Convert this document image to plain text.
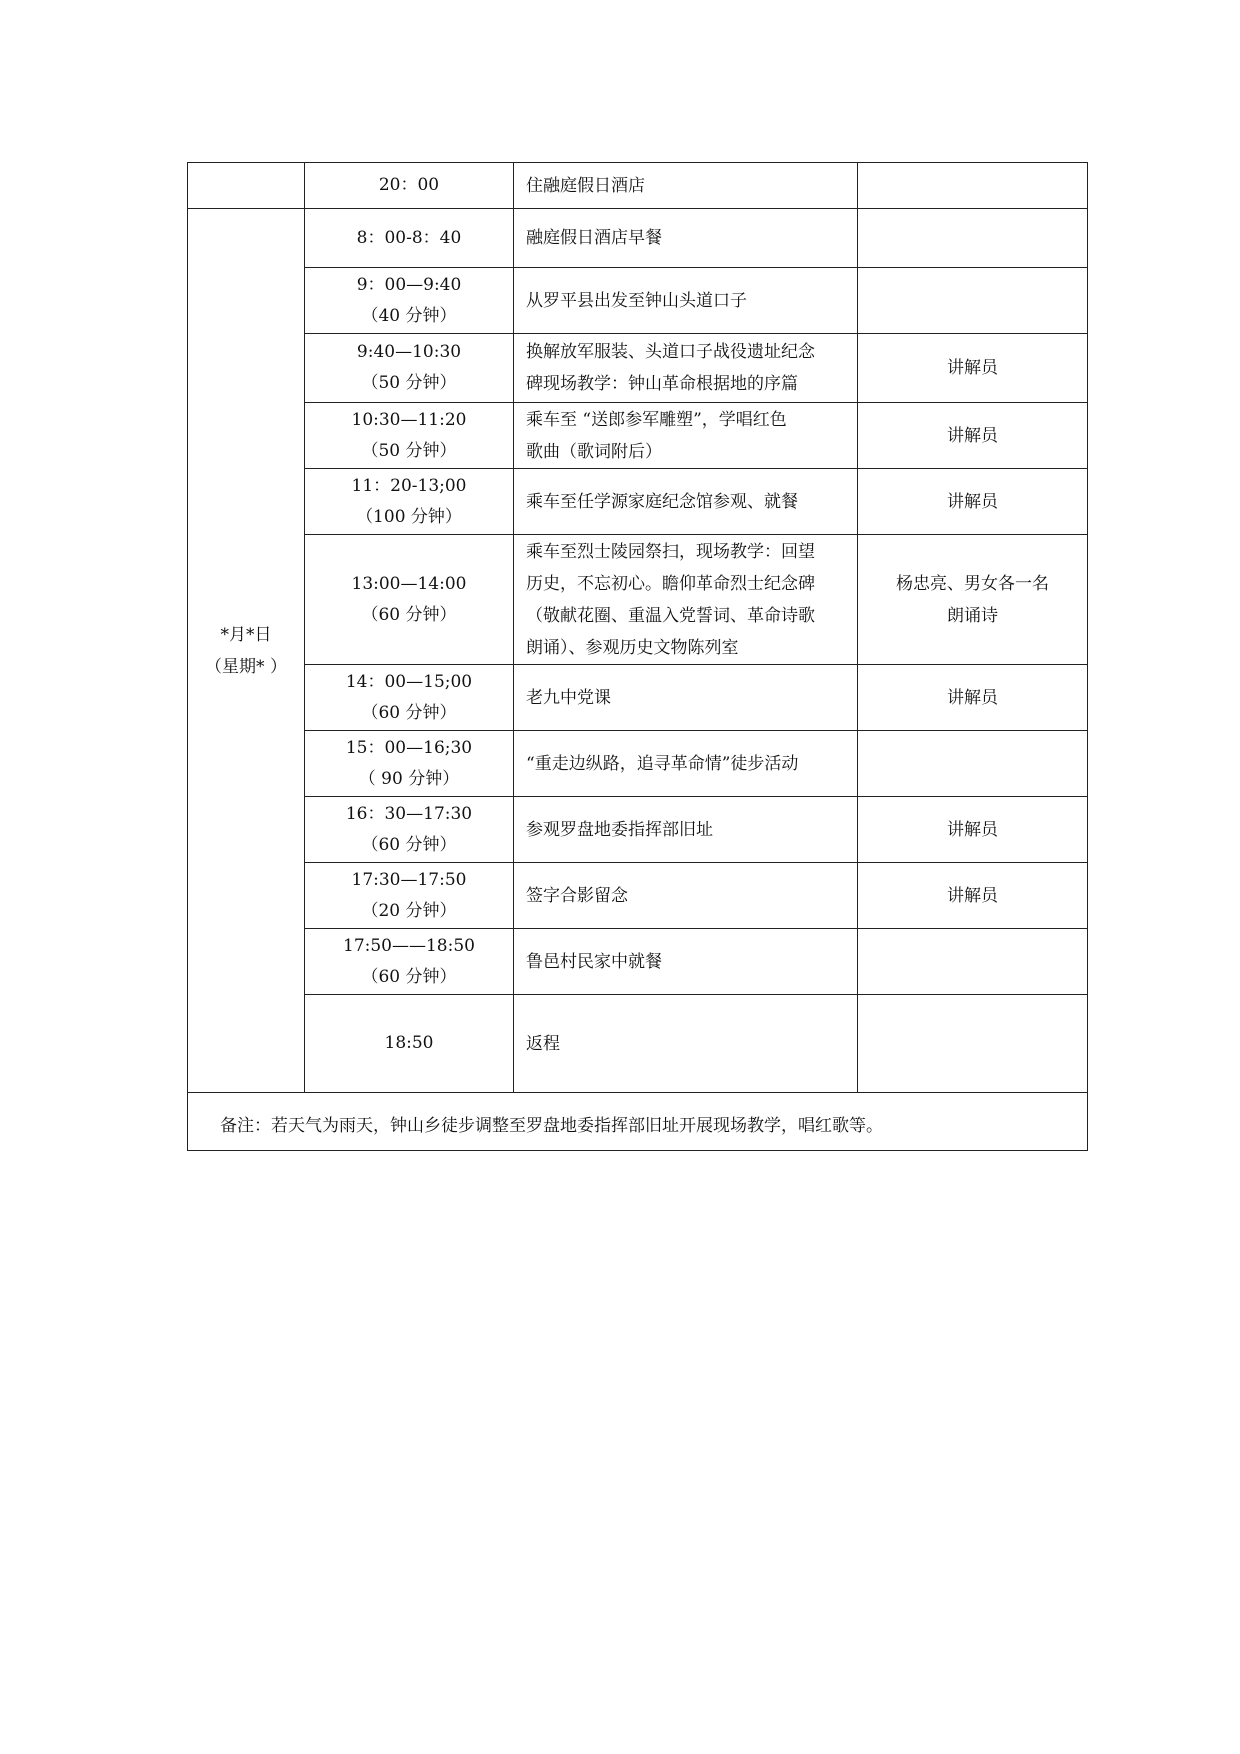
	20：00	住融庭假日酒店	

*月*日
（星期* ）	8：00-8：40	融庭假日酒店早餐	

	9：00—9:40
（40 分钟）	从罗平县出发至钟山头道口子	

	9:40—10:30
（50 分钟）	换解放军服装、头道口子战役遗址纪念
碑现场教学：钟山革命根据地的序篇	讲解员

	10:30—11:20
（50 分钟）	乘车至 “送郎参军雕塑”，学唱红色
歌曲（歌词附后）	讲解员

	11：20-13;00
（100 分钟）	乘车至任学源家庭纪念馆参观、就餐	讲解员

	13:00—14:00
（60 分钟）	乘车至烈士陵园祭扫，现场教学：回望
历史，不忘初心。瞻仰革命烈士纪念碑
（敬献花圈、重温入党誓词、革命诗歌
朗诵）、参观历史文物陈列室	杨忠亮、男女各一名
朗诵诗

	14：00—15;00
（60 分钟）	老九中党课	讲解员

	15：00—16;30
（ 90 分钟）	“重走边纵路，追寻革命情”徒步活动	

	16：30—17:30
（60 分钟）	参观罗盘地委指挥部旧址	讲解员

	17:30—17:50
（20 分钟）	签字合影留念	讲解员

	17:50——18:50
（60 分钟）	鲁邑村民家中就餐	

	18:50	返程	

备注：若天气为雨天，钟山乡徒步调整至罗盘地委指挥部旧址开展现场教学，唱红歌等。			
